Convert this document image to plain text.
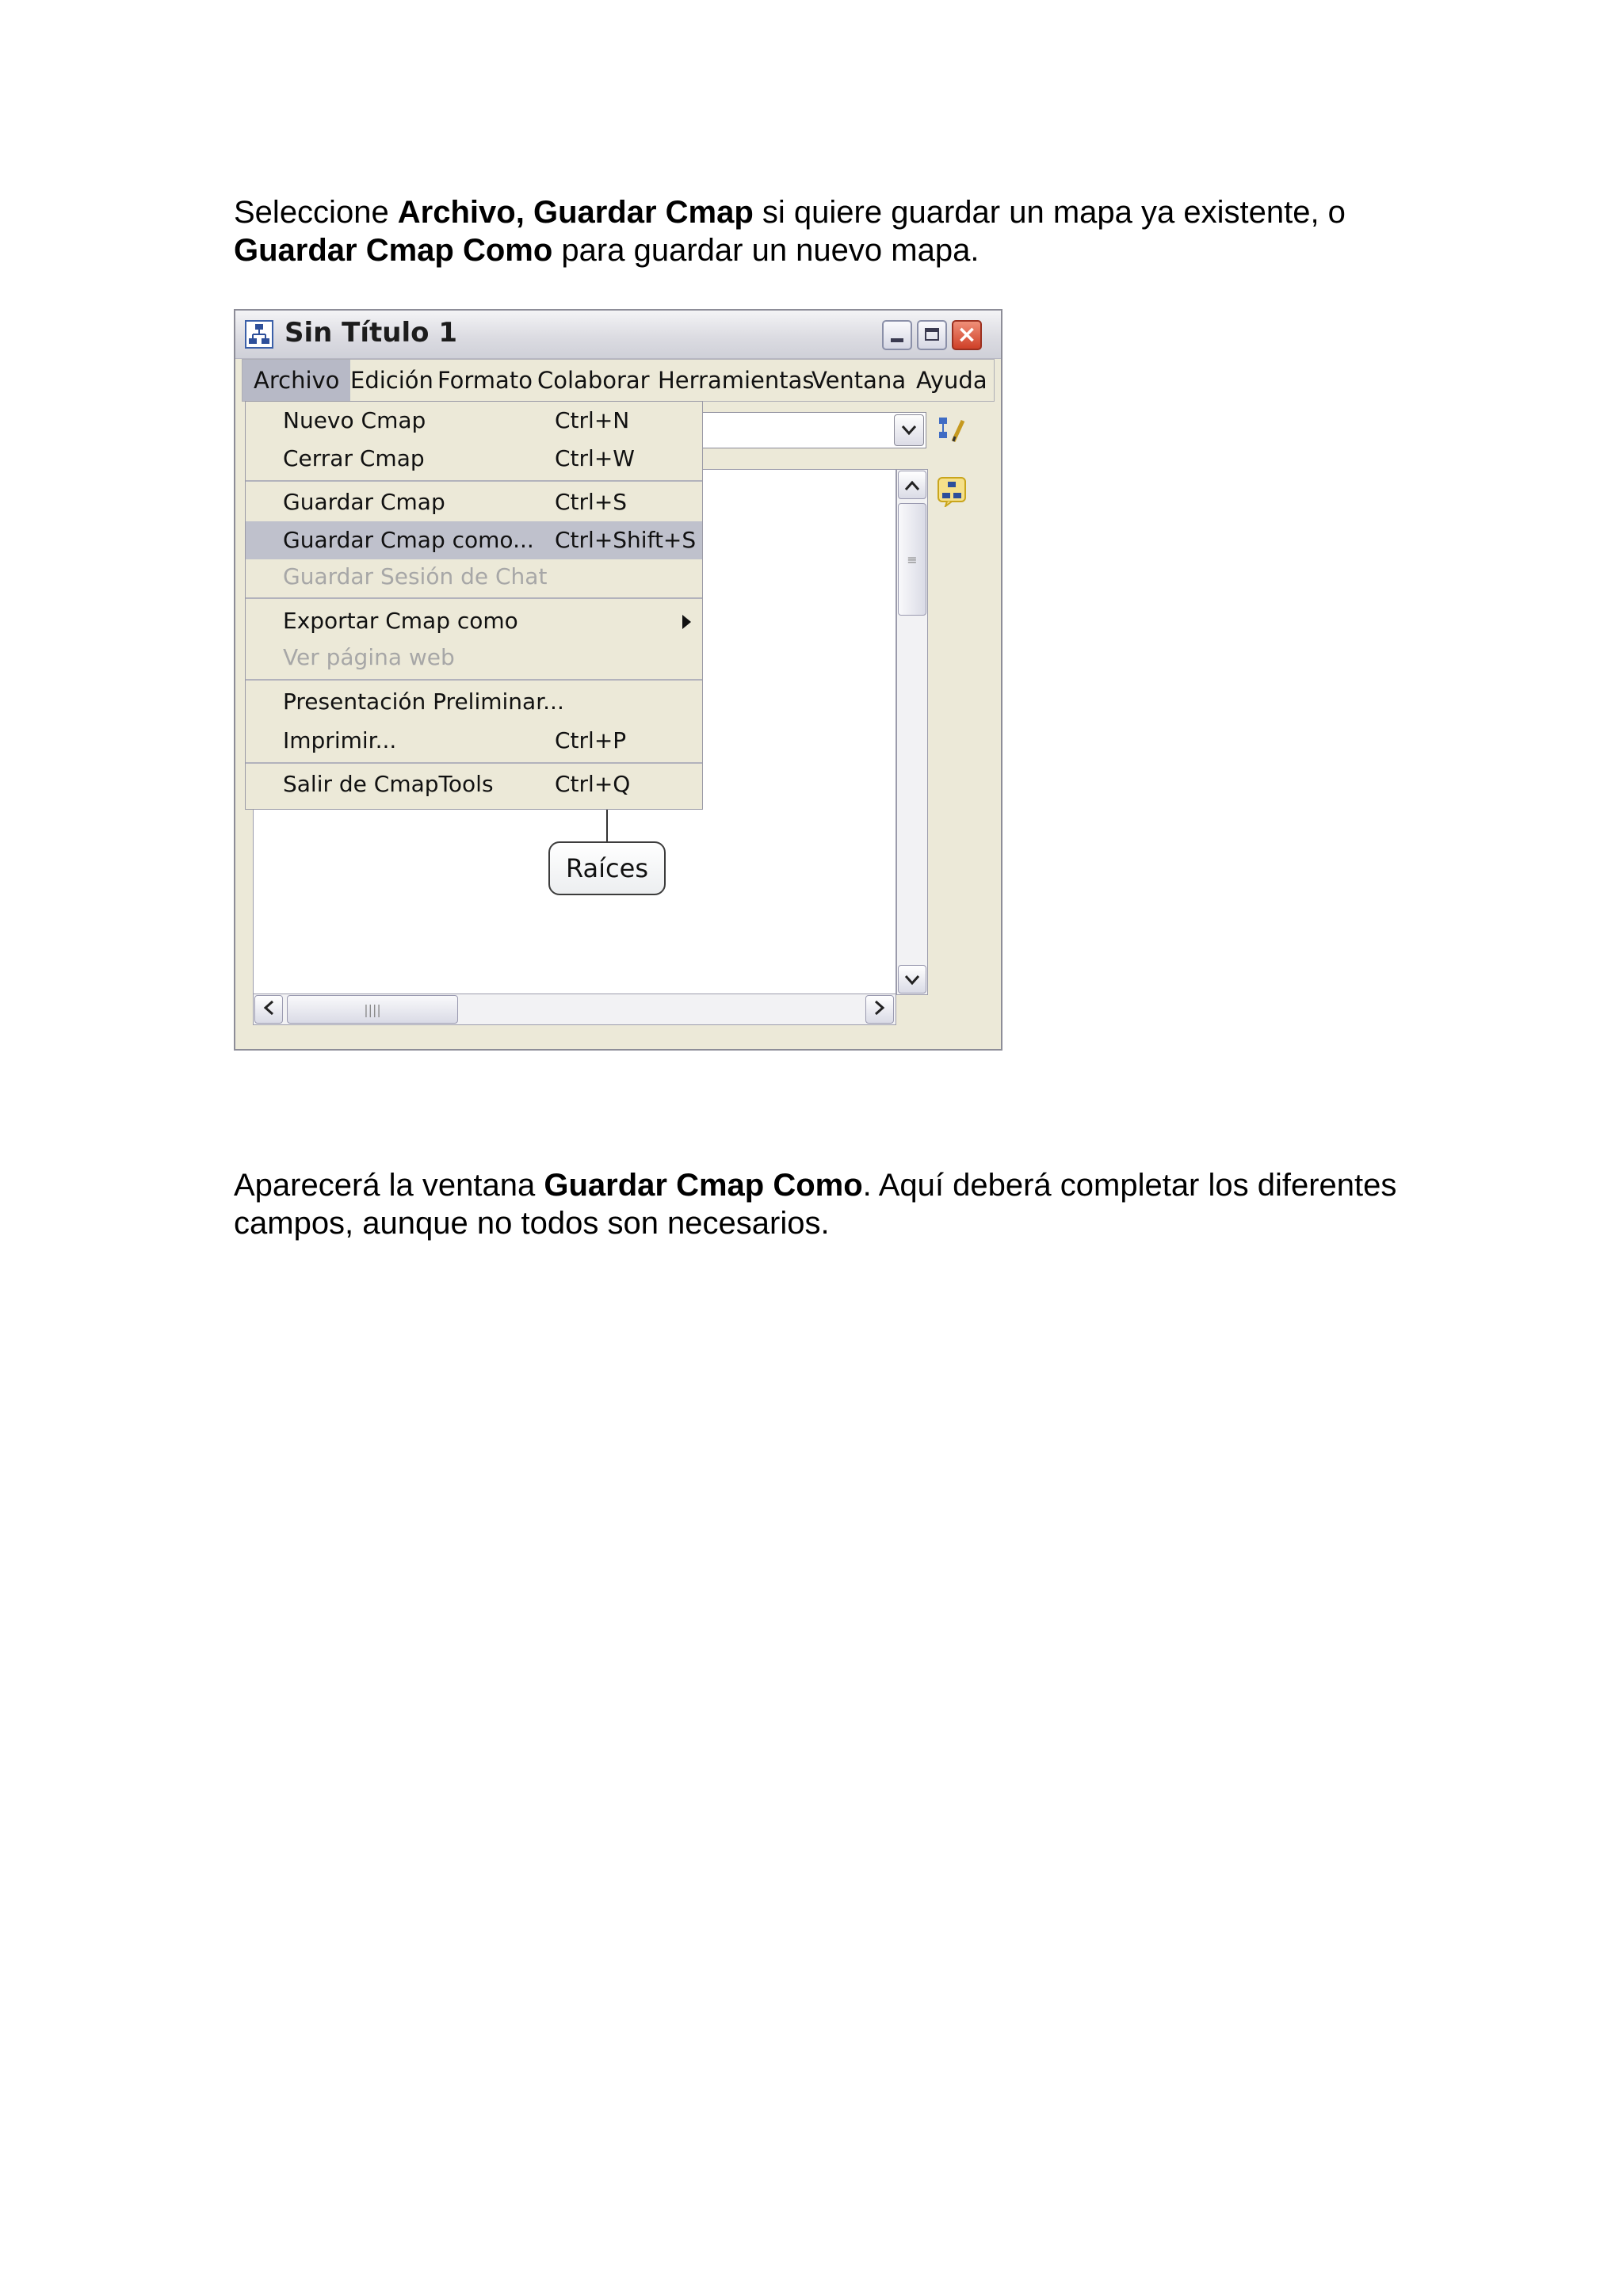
Seleccione Archivo, Guardar Cmap si quiere guardar un mapa ya existente, o Guardar Cmap Como para guardar un nuevo mapa.

Sin Título 1	×
Archivo Edición Formato Colaborar Herramientas
Ventana Ayuda
≡
||||
Raíces
Nuevo Cmap	Ctrl+N
Cerrar Cmap	Ctrl+W
Guardar Cmap	Ctrl+S
Guardar Cmap como... Ctrl+Shift+S
Guardar Sesión de Chat
Exportar Cmap como
Ver página web
Presentación Preliminar...
Imprimir...	Ctrl+P
Salir de CmapTools	Ctrl+Q

Aparecerá la ventana Guardar Cmap Como. Aquí deberá completar los diferentes campos, aunque no todos son necesarios.
